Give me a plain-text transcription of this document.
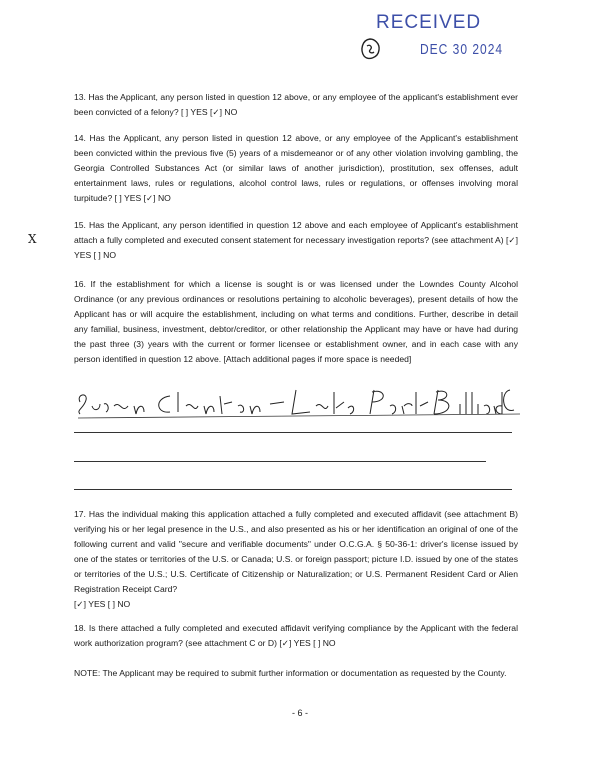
RECEIVED
DEC 30 2024

13. Has the Applicant, any person listed in question 12 above, or any employee of the applicant's establishment ever been convicted of a felony? [ ] YES [✓] NO

14. Has the Applicant, any person listed in question 12 above, or any employee of the Applicant's establishment been convicted within the previous five (5) years of a misdemeanor or of any other violation involving gambling, the Georgia Controlled Substances Act (or similar laws of another jurisdiction), prostitution, sex offenses, adult entertainment laws, rules or regulations, alcohol control laws, rules or regulations, or offenses involving moral turpitude? [ ] YES [✓] NO

X

15. Has the Applicant, any person identified in question 12 above and each employee of Applicant's establishment attach a fully completed and executed consent statement for necessary investigation reports? (see attachment A) [✓] YES [ ] NO

16. If the establishment for which a license is sought is or was licensed under the Lowndes County Alcohol Ordinance (or any previous ordinances or resolutions pertaining to alcoholic beverages), present details of how the Applicant has or will acquire the establishment, including on what terms and conditions. Further, describe in detail any familial, business, investment, debtor/creditor, or other relationship the Applicant may have or have had during the past three (3) years with the current or former licensee or establishment owner, and in each case with any person identified in question 12 above. [Attach additional pages if more space is needed]

17. Has the individual making this application attached a fully completed and executed affidavit (see attachment B) verifying his or her legal presence in the U.S., and also presented as his or her identification an original of one of the following current and valid "secure and verifiable documents" under O.C.G.A. § 50-36-1: driver's license issued by one of the states or territories of the U.S. or Canada; U.S. or foreign passport; picture I.D. issued by one of the states or territories of the U.S.; U.S. Certificate of Citizenship or Naturalization; or U.S. Permanent Resident Card or Alien Registration Receipt Card?

[✓] YES [ ] NO

18. Is there attached a fully completed and executed affidavit verifying compliance by the Applicant with the federal work authorization program? (see attachment C or D) [✓] YES [ ] NO

NOTE: The Applicant may be required to submit further information or documentation as requested by the County.

- 6 -
